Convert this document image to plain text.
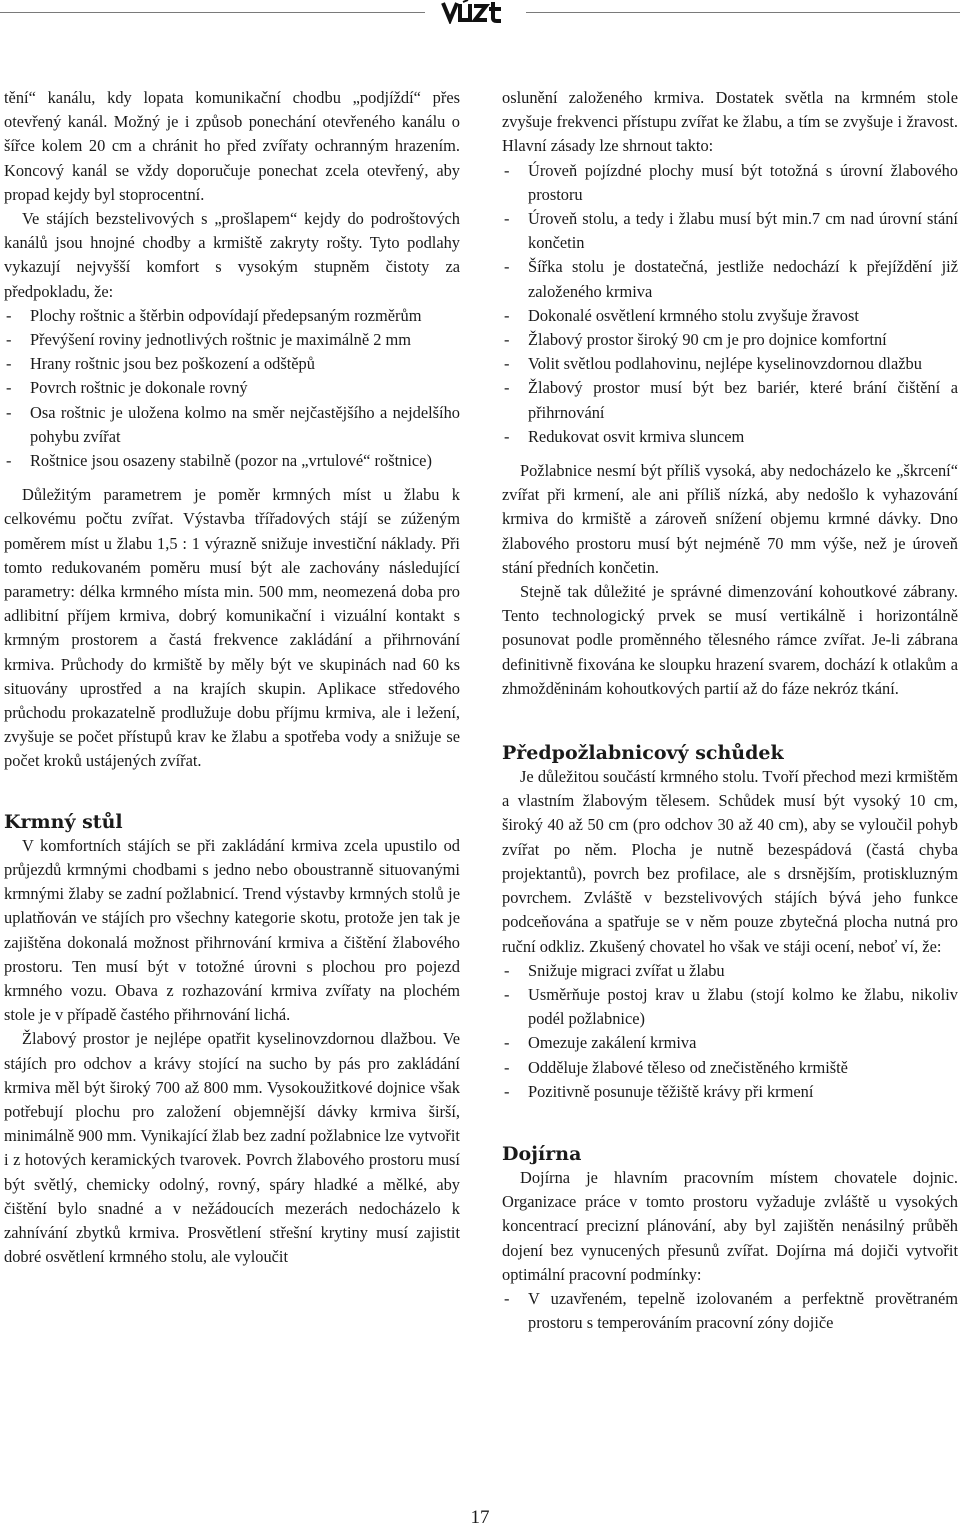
tění“ kanálu, kdy lopata komunikační chodbu „podjíždí“ přes otevřený kanál. Možný je i způsob ponechání otevřeného kanálu o šířce kolem 20 cm a chránit ho před zvířaty ochranným hrazením. Koncový kanál se vždy doporučuje ponechat zcela otevřený, aby propad kejdy byl stoprocentní.

Ve stájích bezstelivových s „prošlapem“ kejdy do podroštových kanálů jsou hnojné chodby a krmiště zakryty rošty. Tyto podlahy vykazují nejvyšší komfort s vysokým stupněm čistoty za předpokladu, že:

- Plochy roštnic a štěrbin odpovídají předepsaným rozměrům
- Převýšení roviny jednotlivých roštnic je maximálně 2 mm
- Hrany roštnic jsou bez poškození a odštěpů
- Povrch roštnic je dokonale rovný
- Osa roštnic je uložena kolmo na směr nejčastějšího a nejdelšího pohybu zvířat
- Roštnice jsou osazeny stabilně (pozor na „vrtulové“ roštnice)

Důležitým parametrem je poměr krmných míst u žlabu k celkovému počtu zvířat. Výstavba třířadových stájí se zúženým poměrem míst u žlabu 1,5 : 1 výrazně snižuje investiční náklady. Při tomto redukovaném poměru musí být ale zachovány následující parametry: délka krmného místa min. 500 mm, neomezená doba pro adlibitní příjem krmiva, dobrý komunikační i vizuální kontakt s krmným prostorem a častá frekvence zakládání a přihrnování krmiva. Průchody do krmiště by měly být ve skupinách nad 60 ks situovány uprostřed a na krajích skupin. Aplikace středového průchodu prokazatelně prodlužuje dobu příjmu krmiva, ale i ležení, zvyšuje se počet přístupů krav ke žlabu a spotřeba vody a snižuje se počet kroků ustájených zvířat.

Krmný stůl

V komfortních stájích se při zakládání krmiva zcela upustilo od průjezdů krmnými chodbami s jedno nebo oboustranně situovanými krmnými žlaby se zadní požlabnicí. Trend výstavby krmných stolů je uplatňován ve stájích pro všechny kategorie skotu, protože jen tak je zajištěna dokonalá možnost přihrnování krmiva a čištění žlabového prostoru. Ten musí být v totožné úrovni s plochou pro pojezd krmného vozu. Obava z rozhazování krmiva zvířaty na plochém stole je v případě častého přihrnování lichá.

Žlabový prostor je nejlépe opatřit kyselinovzdornou dlažbou. Ve stájích pro odchov a krávy stojící na sucho by pás pro zakládání krmiva měl být široký 700 až 800 mm. Vysokoužitkové dojnice však potřebují plochu pro založení objemnější dávky krmiva širší, minimálně 900 mm. Vynikající žlab bez zadní požlabnice lze vytvořit i z hotových keramických tvarovek. Povrch žlabového prostoru musí být světlý, chemicky odolný, rovný, spáry hladké a mělké, aby čištění bylo snadné a v nežádoucích mezerách nedocházelo k zahnívání zbytků krmiva. Prosvětlení střešní krytiny musí zajistit dobré osvětlení krmného stolu, ale vyloučit

oslunění založeného krmiva. Dostatek světla na krmném stole zvyšuje frekvenci přístupu zvířat ke žlabu, a tím se zvyšuje i žravost. Hlavní zásady lze shrnout takto:

- Úroveň pojízdné plochy musí být totožná s úrovní žlabového prostoru
- Úroveň stolu, a tedy i žlabu musí být min.7 cm nad úrovní stání končetin
- Šířka stolu je dostatečná, jestliže nedochází k přejíždění již založeného krmiva
- Dokonalé osvětlení krmného stolu zvyšuje žravost
- Žlabový prostor široký 90 cm je pro dojnice komfortní
- Volit světlou podlahovinu, nejlépe kyselinovzdornou dlažbu
- Žlabový prostor musí být bez bariér, které brání čištění a přihrnování
- Redukovat osvit krmiva sluncem

Požlabnice nesmí být příliš vysoká, aby nedocházelo ke „škrcení“ zvířat při krmení, ale ani příliš nízká, aby nedošlo k vyhazování krmiva do krmiště a zároveň snížení objemu krmné dávky. Dno žlabového prostoru musí být nejméně 70 mm výše, než je úroveň stání předních končetin.

Stejně tak důležité je správné dimenzování kohoutkové zábrany. Tento technologický prvek se musí vertikálně i horizontálně posunovat podle proměnného tělesného rámce zvířat. Je-li zábrana definitivně fixována ke sloupku hrazení svarem, dochází k otlakům a zhmožděninám kohoutkových partií až do fáze nekróz tkání.

Předpožlabnicový schůdek

Je důležitou součástí krmného stolu. Tvoří přechod mezi krmištěm a vlastním žlabovým tělesem. Schůdek musí být vysoký 10 cm, široký 40 až 50 cm (pro odchov 30 až 40 cm), aby se vyloučil pohyb zvířat po něm. Plocha je nutně bezespádová (častá chyba projektantů), povrch bez profilace, ale s drsnějším, protiskluzným povrchem. Zvláště v bezstelivových stájích bývá jeho funkce podceňována a spatřuje se v něm pouze zbytečná plocha nutná pro ruční odkliz. Zkušený chovatel ho však ve stáji ocení, neboť ví, že:

- Snižuje migraci zvířat u žlabu
- Usměrňuje postoj krav u žlabu (stojí kolmo ke žlabu, nikoliv podél požlabnice)
- Omezuje zakálení krmiva
- Odděluje žlabové těleso od znečistěného krmiště
- Pozitivně posunuje těžiště krávy při krmení
Dojírna

Dojírna je hlavním pracovním místem chovatele dojnic. Organizace práce v tomto prostoru vyžaduje zvláště u vysokých koncentrací precizní plánování, aby byl zajištěn nenásilný průběh dojení bez vynucených přesunů zvířat. Dojírna má dojiči vytvořit optimální pracovní podmínky:

- V uzavřeném, tepelně izolovaném a perfektně provětraném prostoru s temperováním pracovní zóny dojiče
17
